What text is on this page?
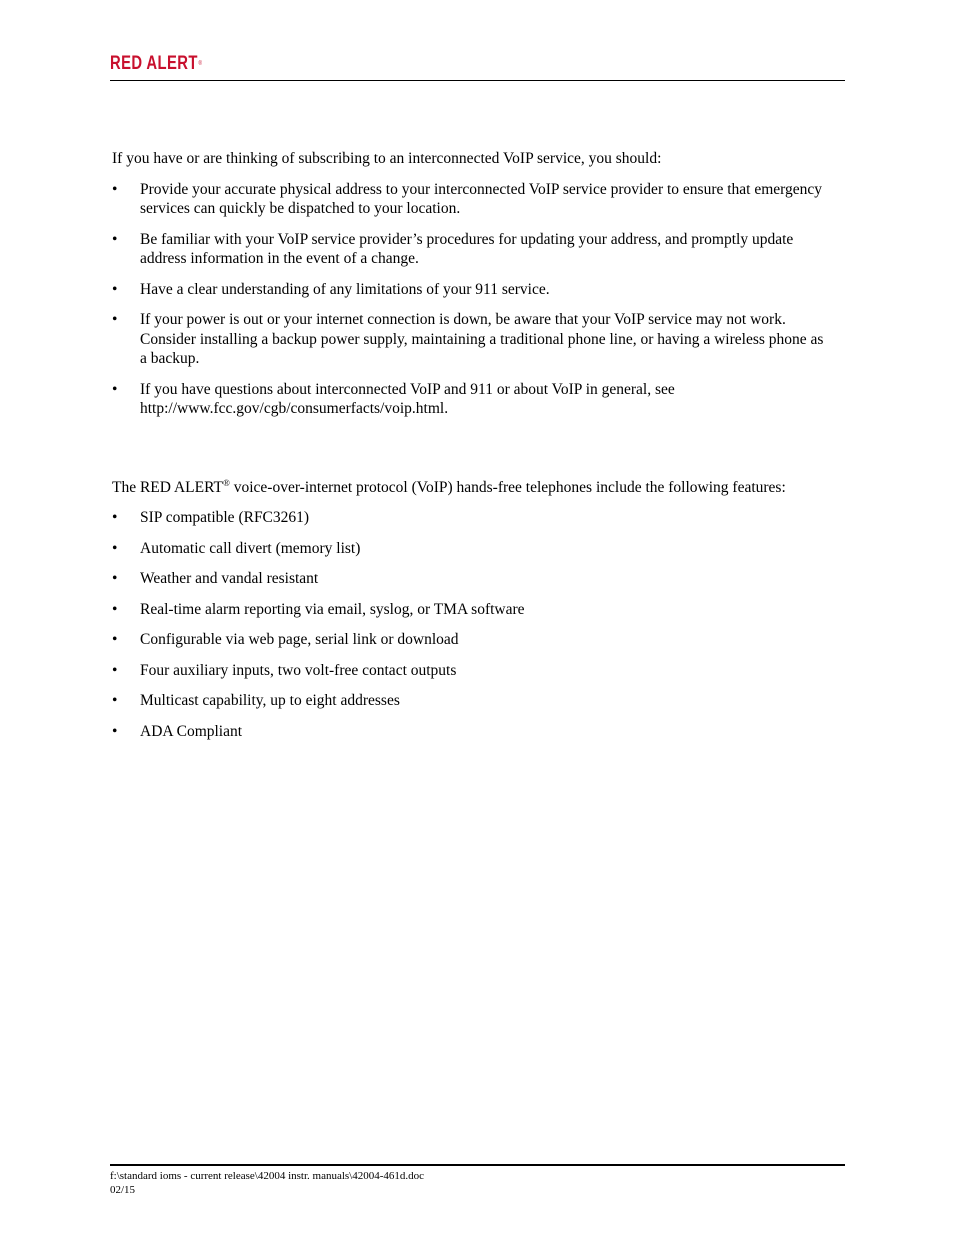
RED ALERT®

If you have or are thinking of subscribing to an interconnected VoIP service, you should:

•	Provide your accurate physical address to your interconnected VoIP service provider to ensure that emergency services can quickly be dispatched to your location.
•	Be familiar with your VoIP service provider’s procedures for updating your address, and promptly update address information in the event of a change.
•	Have a clear understanding of any limitations of your 911 service.
•	If your power is out or your internet connection is down, be aware that your VoIP service may not work. Consider installing a backup power supply, maintaining a traditional phone line, or having a wireless phone as a backup.
•	If you have questions about interconnected VoIP and 911 or about VoIP in general, see http://www.fcc.gov/cgb/consumerfacts/voip.html.

The RED ALERT® voice-over-internet protocol (VoIP) hands-free telephones include the following features:

•	SIP compatible (RFC3261)
•	Automatic call divert (memory list)
•	Weather and vandal resistant
•	Real-time alarm reporting via email, syslog, or TMA software
•	Configurable via web page, serial link or download
•	Four auxiliary inputs, two volt-free contact outputs
•	Multicast capability, up to eight addresses
•	ADA Compliant
f:\standard ioms - current release\42004 instr. manuals\42004-461d.doc
02/15
